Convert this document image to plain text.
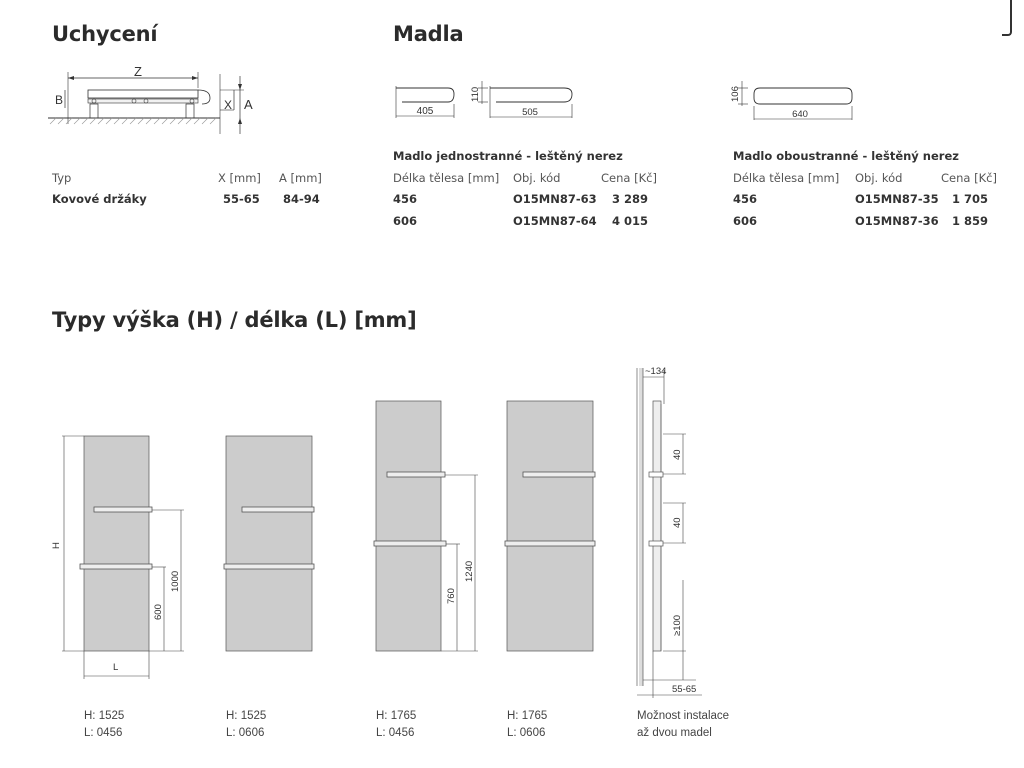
Uchycení
Z
B	X A
Typ	X [mm] A [mm]
Kovové držáky	55-65 84-94
Madla
405
110
505
106
640
Madlo jednostranné - leštěný nerez
Délka tělesa [mm] Obj. kód	Cena [Kč]
456	O15MN87-63 3 289
606	O15MN87-64 4 015
Madlo oboustranné - leštěný nerez
Délka tělesa [mm] Obj. kód	Cena [Kč]
456	O15MN87-35 1 705
606	O15MN87-36 1 859
Typy výška (H) / délka (L) [mm]
H
1000
600
L
1240
760
~134
40
40
≥100
55-65
H: 1525
L: 0456
H: 1525
L: 0606
H: 1765
L: 0456
H: 1765
L: 0606
Možnost instalace
až dvou madel
